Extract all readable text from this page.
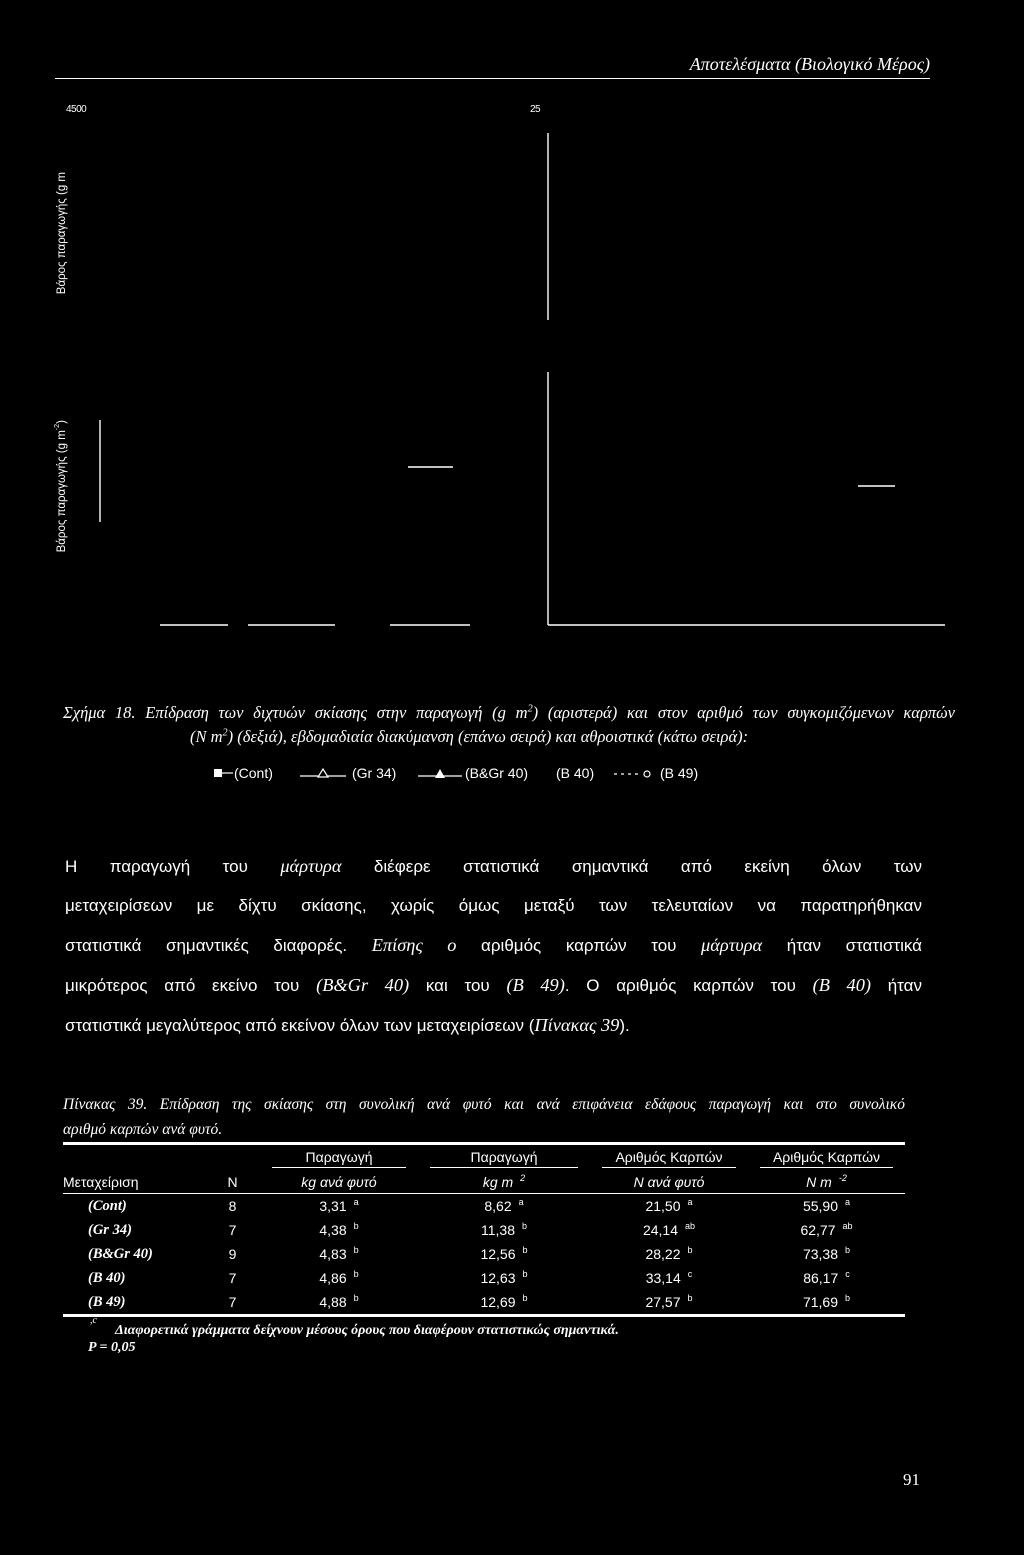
Αποτελέσματα (Βιολογικό Μέρος)
4500	25
Βάρος παραγωγής (g m
Βάρος παραγωγής (g $m^{-2}$)
Σχήμα 18. Επίδραση των διχτυών σκίασης στην παραγωγή (g $m^2$) (αριστερά) και στον αριθμό των συγκομιζόμενων καρπών
(N $m^2$) (δεξιά), εβδομαδιαία διακύμανση (επάνω σειρά) και αθροιστικά (κάτω σειρά):
(Cont)	(Gr 34)	(B&Gr 40) (B 40)	(B 49)
Η παραγωγή του μάρτυρα διέφερε στατιστικά σημαντικά από εκείνη όλων των
μεταχειρίσεων με δίχτυ σκίασης, χωρίς όμως μεταξύ των τελευταίων να παρατηρήθηκαν
στατιστικά σημαντικές διαφορές. Επίσης ο αριθμός καρπών του μάρτυρα ήταν στατιστικά
μικρότερος από εκείνο του (B&Gr 40) και του (B 49). Ο αριθμός καρπών του (B 40) ήταν
στατιστικά μεγαλύτερος από εκείνον όλων των μεταχειρίσεων (Πίνακας 39).
Πίνακας 39. Επίδραση της σκίασης στη συνολική ανά φυτό και ανά επιφάνεια εδάφους παραγωγή και στο συνολικό
αριθμό καρπών ανά φυτό.

		Παραγωγή	Παραγωγή	Αριθμός Καρπών	Αριθμός Καρπών

Μεταχείριση	N	kg ανά φυτό	kg m $^2$	N ανά φυτό	N m $^{-2}$
(Cont)	8	3,31 $^a$	8,62 $^a$	21,50 $^a$	55,90 $^a$
(Gr 34)	7	4,38 $^b$	11,38 $^b$	24,14 $^{ab}$	62,77 $^{ab}$
(B&Gr 40)	9	4,83 $^b$	12,56 $^b$	28,22 $^b$	73,38 $^b$
(B 40)	7	4,86 $^b$	12,63 $^b$	33,14 $^c$	86,17 $^c$
(B 49)	7	4,88 $^b$	12,69 $^b$	27,57 $^b$	71,69 $^b$
,c
Διαφορετικά γράμματα δείχνουν μέσους όρους που διαφέρουν στατιστικώς σημαντικά.
P = 0,05
91
